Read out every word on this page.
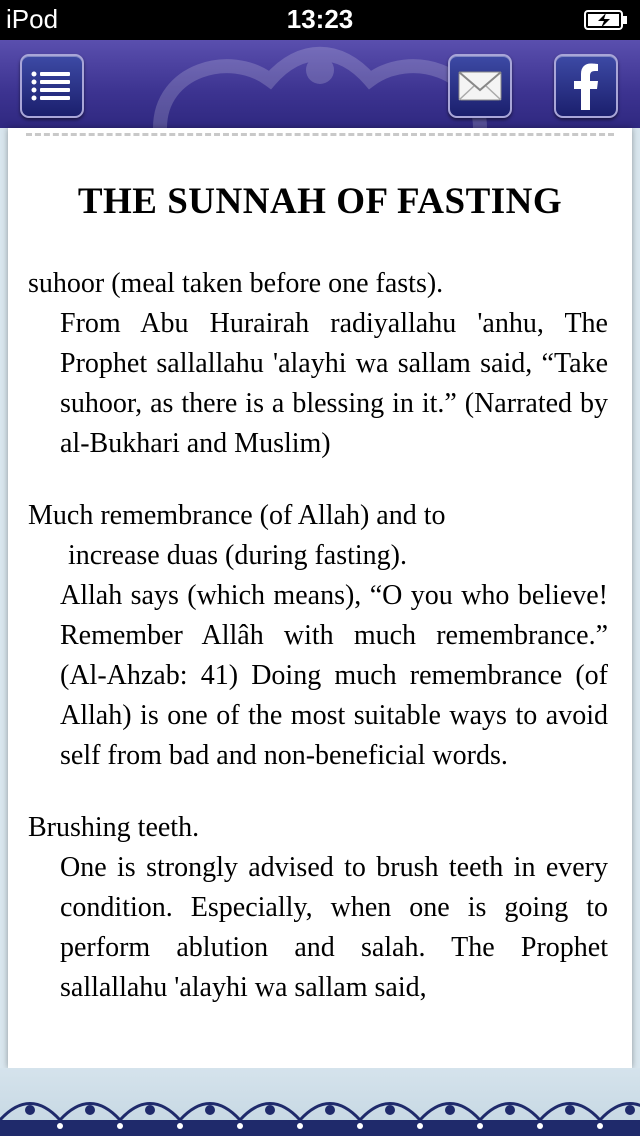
iPod	13:23
THE SUNNAH OF FASTING

suhoor (meal taken before one fasts).

From Abu Hurairah radiyallahu 'anhu, The Prophet sallallahu 'alayhi wa sallam said, “Take suhoor, as there is a blessing in it.” (Narrated by al-Bukhari and Muslim)

Much remembrance (of Allah) and to

increase duas (during fasting).

Allah says (which means), “O you who believe! Remember Allâh with much remembrance.” (Al-Ahzab: 41) Doing much remembrance (of Allah) is one of the most suitable ways to avoid self from bad and non-beneficial words.

Brushing teeth.

One is strongly advised to brush teeth in every condition. Especially, when one is going to perform ablution and salah. The Prophet sallallahu 'alayhi wa sallam said,
